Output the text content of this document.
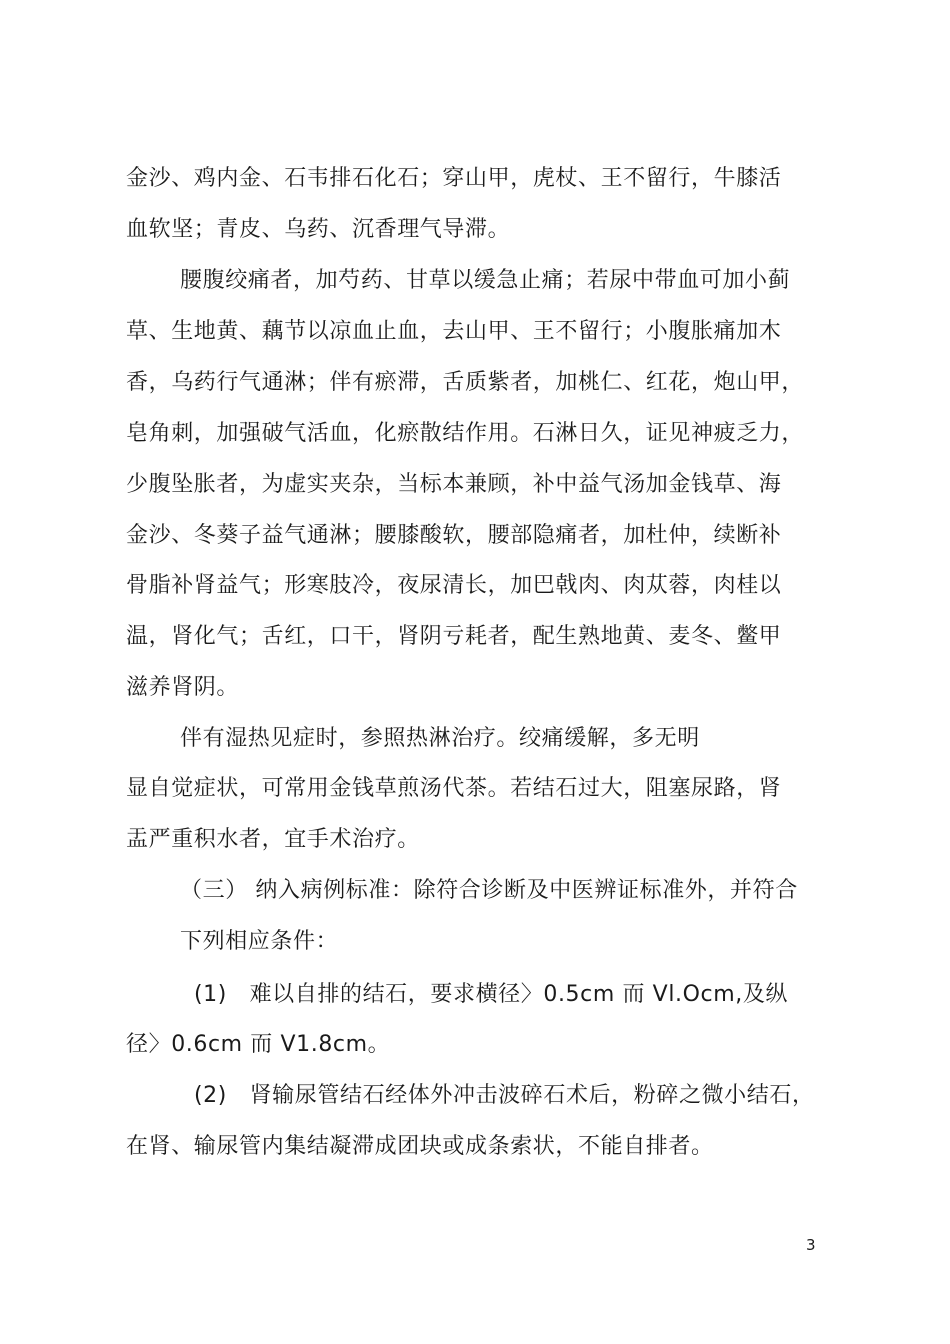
金沙、鸡内金、石韦排石化石；穿山甲，虎杖、王不留行，牛膝活

血软坚；青皮、乌药、沉香理气导滞。

腰腹绞痛者，加芍药、甘草以缓急止痛；若尿中带血可加小蓟

草、生地黄、藕节以凉血止血，去山甲、王不留行；小腹胀痛加木

香，乌药行气通淋；伴有瘀滞，舌质紫者，加桃仁、红花，炮山甲，

皂角刺，加强破气活血，化瘀散结作用。石淋日久，证见神疲乏力，

少腹坠胀者，为虚实夹杂，当标本兼顾，补中益气汤加金钱草、海

金沙、冬葵子益气通淋；腰膝酸软，腰部隐痛者，加杜仲，续断补

骨脂补肾益气；形寒肢冷，夜尿清长，加巴戟肉、肉苁蓉，肉桂以

温，肾化气；舌红，口干，肾阴亏耗者，配生熟地黄、麦冬、鳖甲

滋养肾阴。

伴有湿热见症时，参照热淋治疗。绞痛缓解，多无明

显自觉症状，可常用金钱草煎汤代茶。若结石过大，阻塞尿路，肾

盂严重积水者，宜手术治疗。

（三） 纳入病例标准：除符合诊断及中医辨证标准外，并符合

下列相应条件：

(1)　难以自排的结石，要求横径〉0.5cm 而 Vl.Ocm,及纵

径〉0.6cm 而 V1.8cm。

(2)　肾输尿管结石经体外冲击波碎石术后，粉碎之微小结石，

在肾、输尿管内集结凝滞成团块或成条索状，不能自排者。

3
